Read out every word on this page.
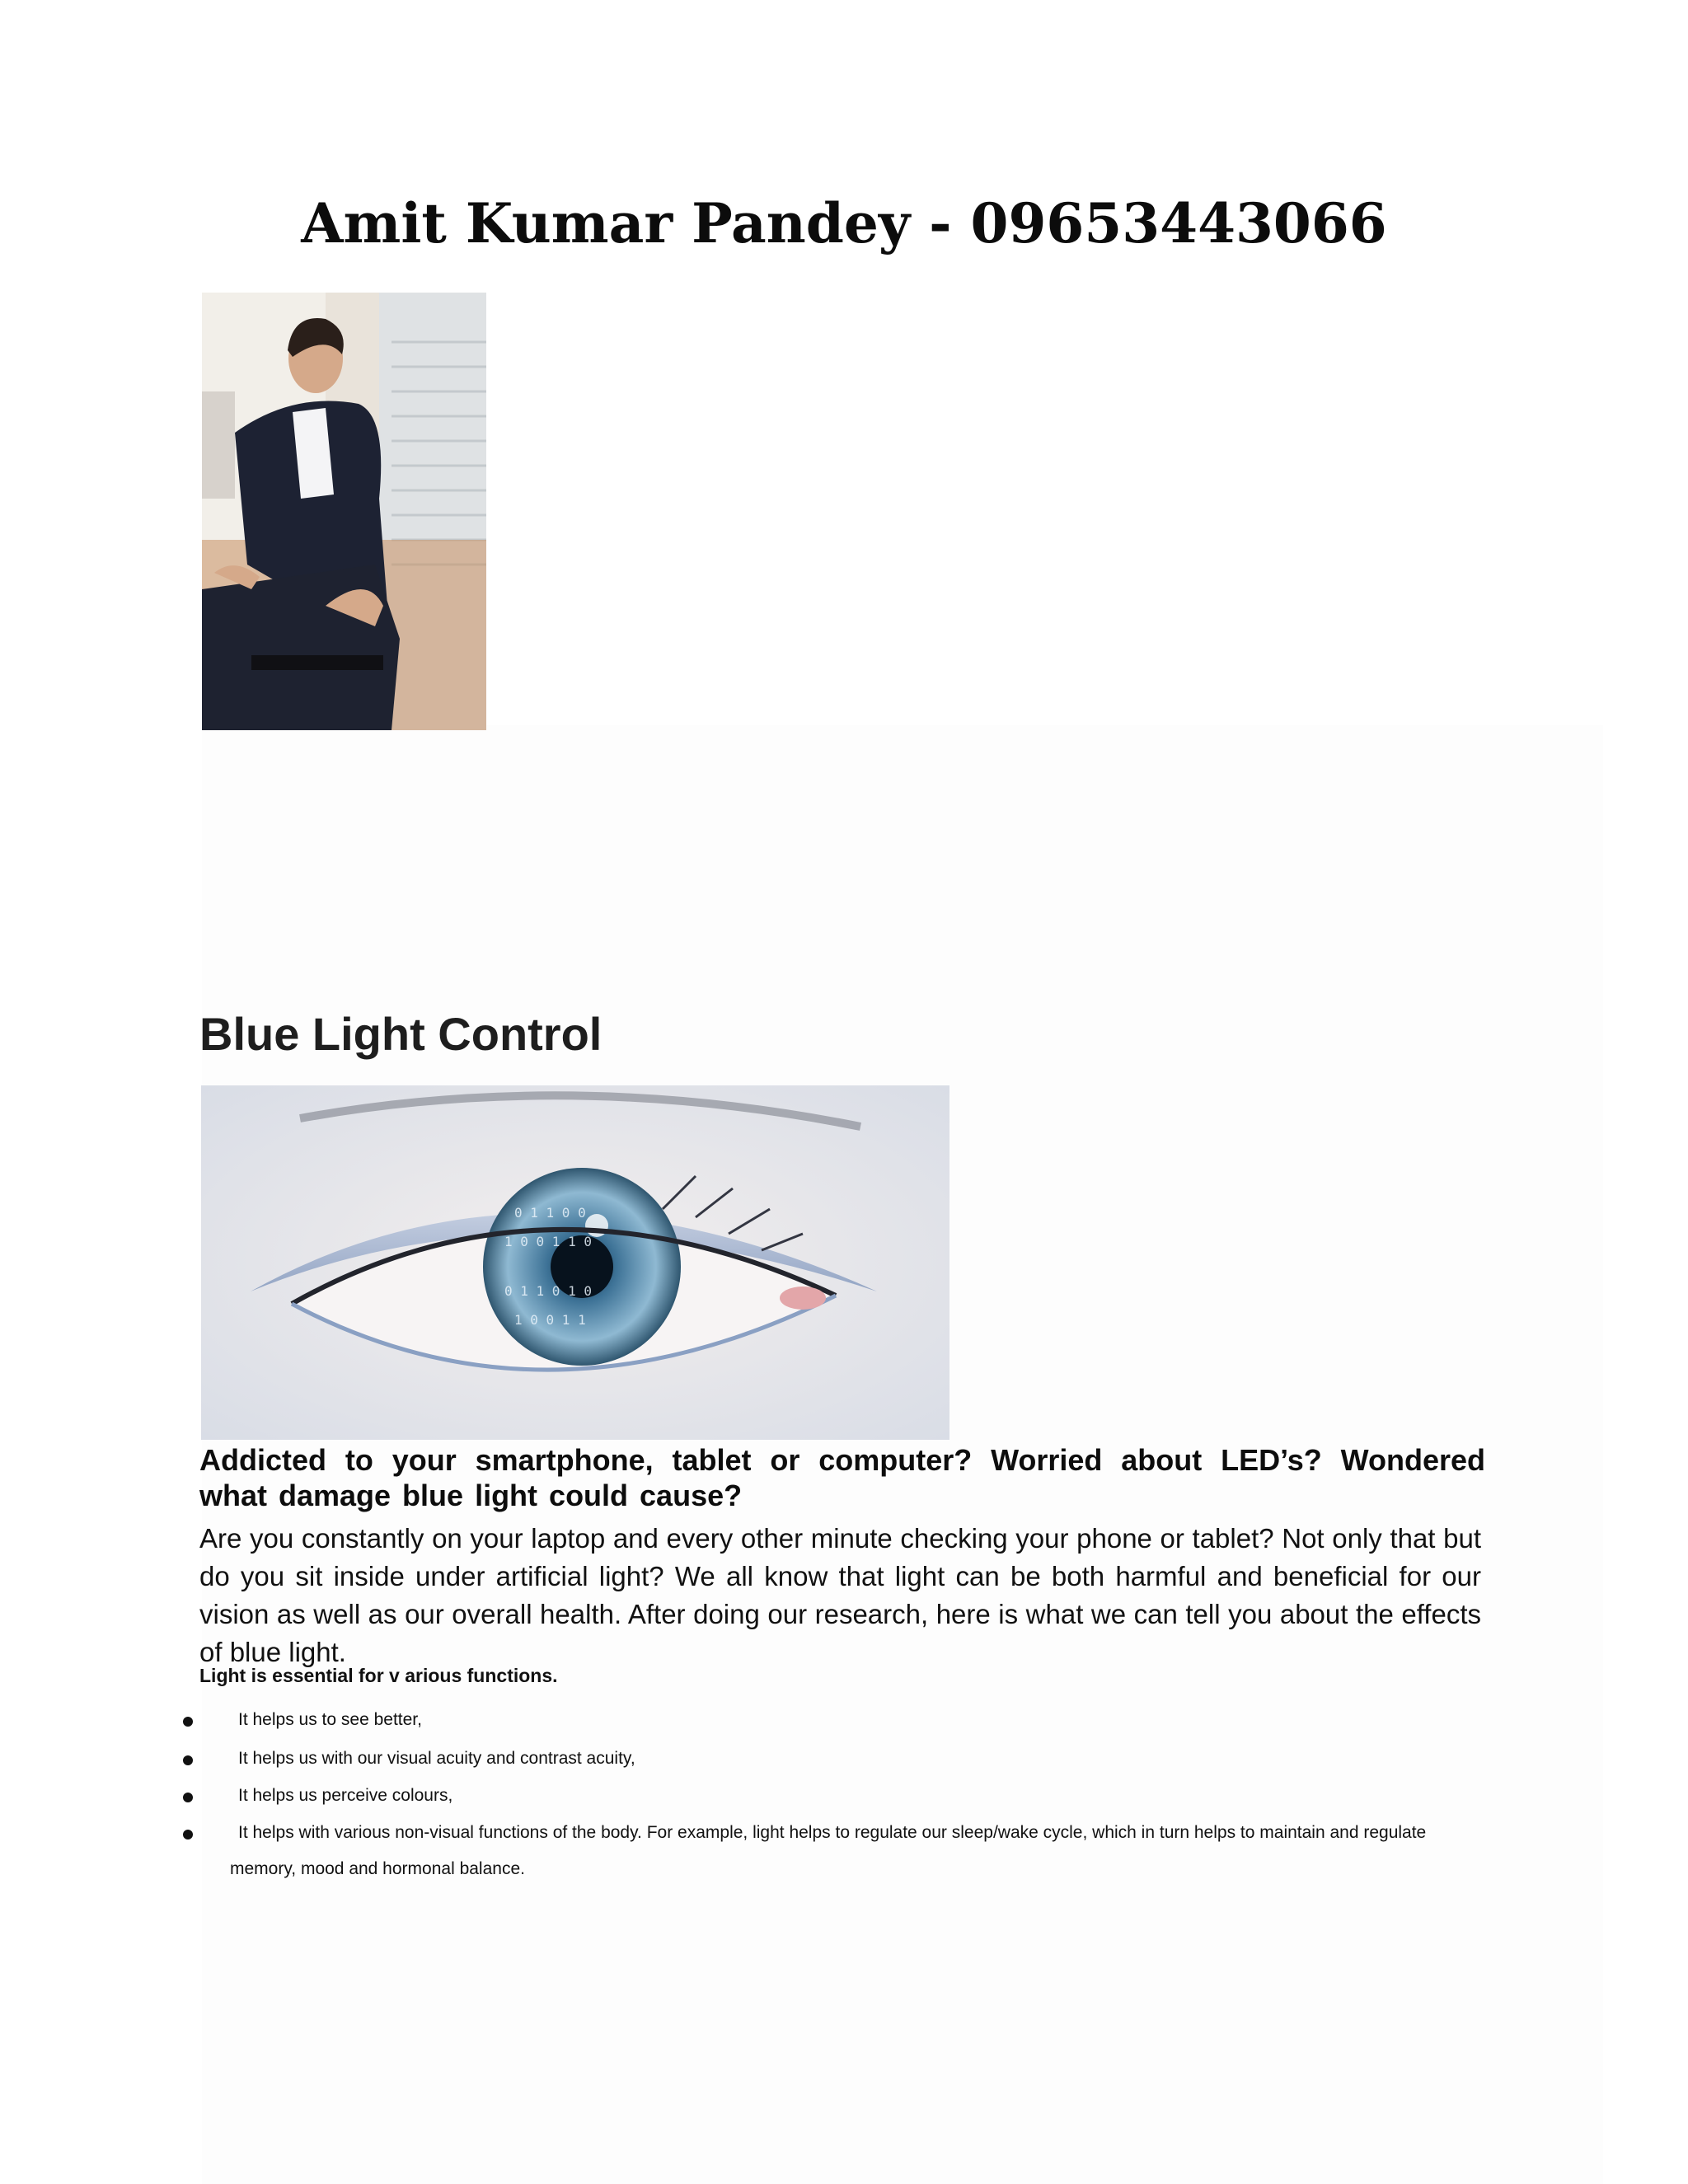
Amit Kumar Pandey - 09653443066
Blue Light Control
0 1 1 0 0
1 0 0 1 1 0
0 1 1 0 1 0
1 0 0 1 1

Addicted to your smartphone, tablet or computer? Worried about LED’s? Wondered what damage blue light could cause?

Are you constantly on your laptop and every other minute checking your phone or tablet? Not only that but do you sit inside under artificial light? We all know that light can be both harmful and beneficial for our vision as well as our overall health. After doing our research, here is what we can tell you about the effects of blue light.

Light is essential for v arious functions.

It helps us to see better,
It helps us with our visual acuity and contrast acuity,
It helps us perceive colours,
It helps with various non-visual functions of the body. For example, light helps to regulate our sleep/wake cycle, which in turn helps to maintain and regulate
memory, mood and hormonal balance.
